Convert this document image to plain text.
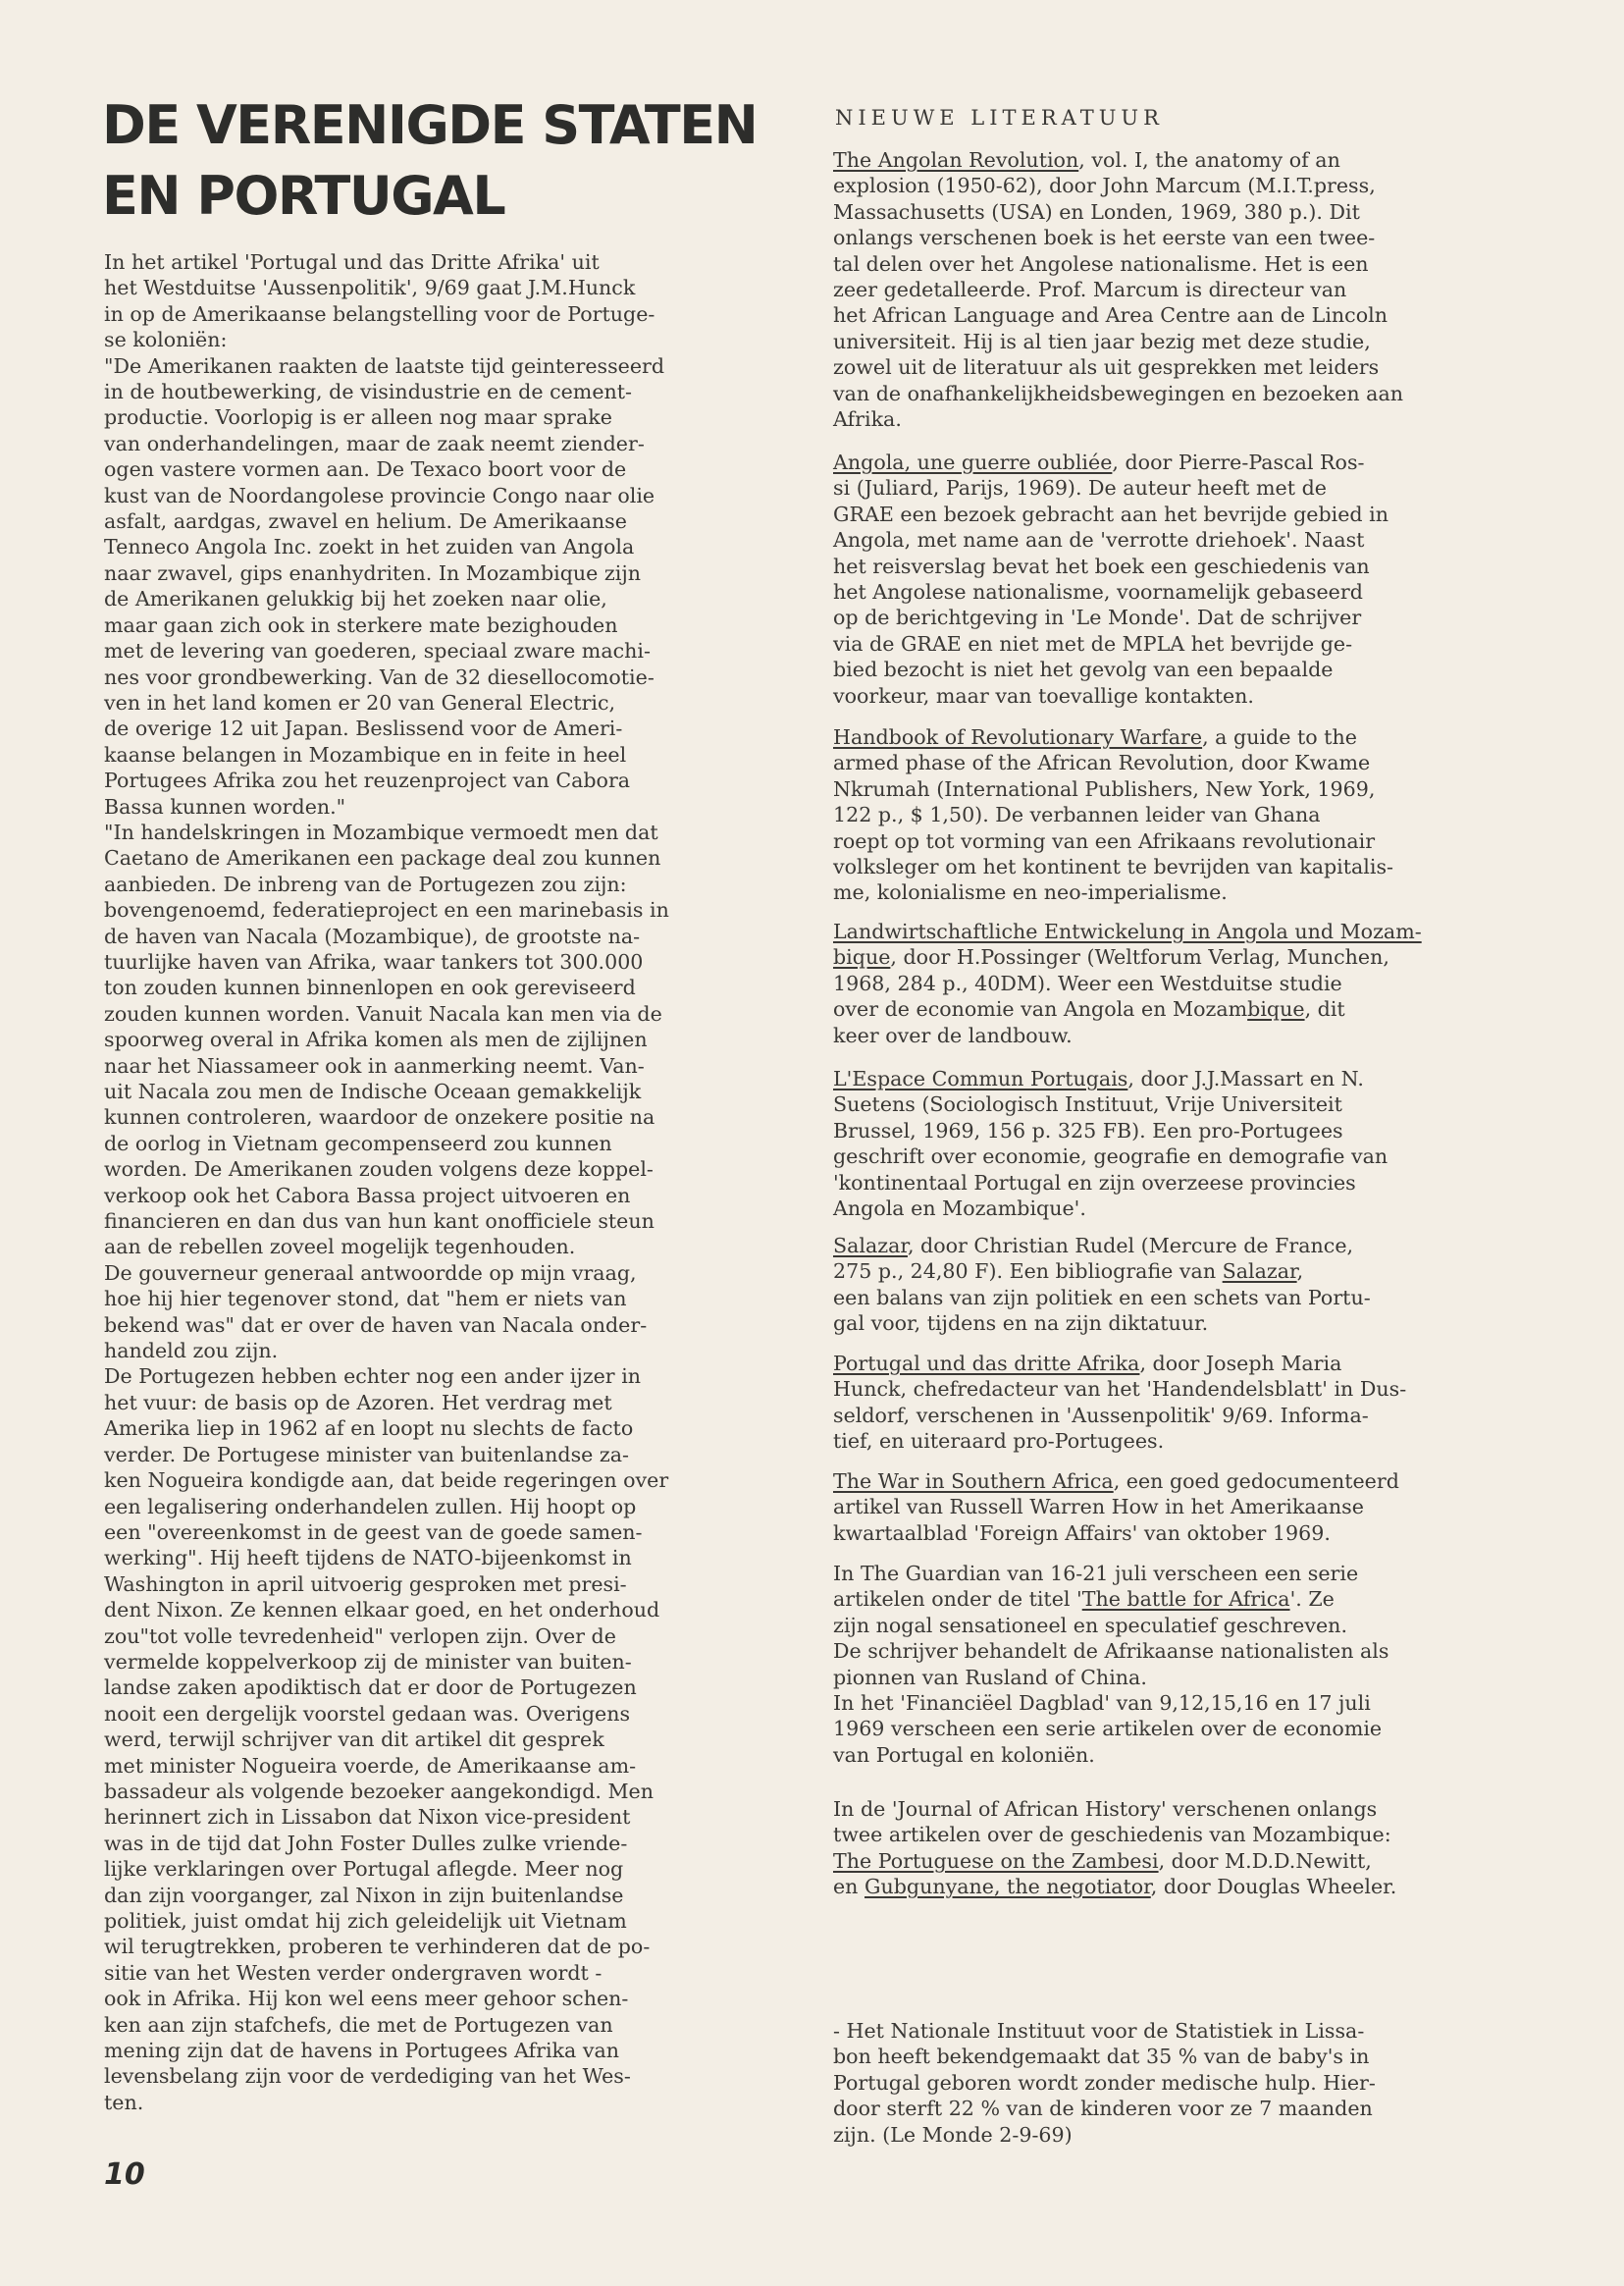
DE VERENIGDE STATEN
EN PORTUGAL
In het artikel 'Portugal und das Dritte Afrika' uit
het Westduitse 'Aussenpolitik', 9/69 gaat J.M.Hunck
in op de Amerikaanse belangstelling voor de Portuge-
se koloniën:
"De Amerikanen raakten de laatste tijd geinteresseerd
in de houtbewerking, de visindustrie en de cement-
productie. Voorlopig is er alleen nog maar sprake
van onderhandelingen, maar de zaak neemt ziender-
ogen vastere vormen aan. De Texaco boort voor de
kust van de Noordangolese provincie Congo naar olie
asfalt, aardgas, zwavel en helium. De Amerikaanse
Tenneco Angola Inc. zoekt in het zuiden van Angola
naar zwavel, gips enanhydriten. In Mozambique zijn
de Amerikanen gelukkig bij het zoeken naar olie,
maar gaan zich ook in sterkere mate bezighouden
met de levering van goederen, speciaal zware machi-
nes voor grondbewerking. Van de 32 diesellocomotie-
ven in het land komen er 20 van General Electric,
de overige 12 uit Japan. Beslissend voor de Ameri-
kaanse belangen in Mozambique en in feite in heel
Portugees Afrika zou het reuzenproject van Cabora
Bassa kunnen worden."
"In handelskringen in Mozambique vermoedt men dat
Caetano de Amerikanen een package deal zou kunnen
aanbieden. De inbreng van de Portugezen zou zijn:
bovengenoemd, federatieproject en een marinebasis in
de haven van Nacala (Mozambique), de grootste na-
tuurlijke haven van Afrika, waar tankers tot 300.000
ton zouden kunnen binnenlopen en ook gereviseerd
zouden kunnen worden. Vanuit Nacala kan men via de
spoorweg overal in Afrika komen als men de zijlijnen
naar het Niassameer ook in aanmerking neemt. Van-
uit Nacala zou men de Indische Oceaan gemakkelijk
kunnen controleren, waardoor de onzekere positie na
de oorlog in Vietnam gecompenseerd zou kunnen
worden. De Amerikanen zouden volgens deze koppel-
verkoop ook het Cabora Bassa project uitvoeren en
financieren en dan dus van hun kant onofficiele steun
aan de rebellen zoveel mogelijk tegenhouden.
De gouverneur generaal antwoordde op mijn vraag,
hoe hij hier tegenover stond, dat "hem er niets van
bekend was" dat er over de haven van Nacala onder-
handeld zou zijn.
De Portugezen hebben echter nog een ander ijzer in
het vuur: de basis op de Azoren. Het verdrag met
Amerika liep in 1962 af en loopt nu slechts de facto
verder. De Portugese minister van buitenlandse za-
ken Nogueira kondigde aan, dat beide regeringen over
een legalisering onderhandelen zullen. Hij hoopt op
een "overeenkomst in de geest van de goede samen-
werking". Hij heeft tijdens de NATO-bijeenkomst in
Washington in april uitvoerig gesproken met presi-
dent Nixon. Ze kennen elkaar goed, en het onderhoud
zou"tot volle tevredenheid" verlopen zijn. Over de
vermelde koppelverkoop zij de minister van buiten-
landse zaken apodiktisch dat er door de Portugezen
nooit een dergelijk voorstel gedaan was. Overigens
werd, terwijl schrijver van dit artikel dit gesprek
met minister Nogueira voerde, de Amerikaanse am-
bassadeur als volgende bezoeker aangekondigd. Men
herinnert zich in Lissabon dat Nixon vice-president
was in de tijd dat John Foster Dulles zulke vriende-
lijke verklaringen over Portugal aflegde. Meer nog
dan zijn voorganger, zal Nixon in zijn buitenlandse
politiek, juist omdat hij zich geleidelijk uit Vietnam
wil terugtrekken, proberen te verhinderen dat de po-
sitie van het Westen verder ondergraven wordt -
ook in Afrika. Hij kon wel eens meer gehoor schen-
ken aan zijn stafchefs, die met de Portugezen van
mening zijn dat de havens in Portugees Afrika van
levensbelang zijn voor de verdediging van het Wes-
ten.
10
NIEUWE LITERATUUR
The Angolan Revolution, vol. I, the anatomy of an
explosion (1950-62), door John Marcum (M.I.T.press,
Massachusetts (USA) en Londen, 1969, 380 p.). Dit
onlangs verschenen boek is het eerste van een twee-
tal delen over het Angolese nationalisme. Het is een
zeer gedetalleerde. Prof. Marcum is directeur van
het African Language and Area Centre aan de Lincoln
universiteit. Hij is al tien jaar bezig met deze studie,
zowel uit de literatuur als uit gesprekken met leiders
van de onafhankelijkheidsbewegingen en bezoeken aan
Afrika.
Angola, une guerre oubliée, door Pierre-Pascal Ros-
si (Juliard, Parijs, 1969). De auteur heeft met de
GRAE een bezoek gebracht aan het bevrijde gebied in
Angola, met name aan de 'verrotte driehoek'. Naast
het reisverslag bevat het boek een geschiedenis van
het Angolese nationalisme, voornamelijk gebaseerd
op de berichtgeving in 'Le Monde'. Dat de schrijver
via de GRAE en niet met de MPLA het bevrijde ge-
bied bezocht is niet het gevolg van een bepaalde
voorkeur, maar van toevallige kontakten.
Handbook of Revolutionary Warfare, a guide to the
armed phase of the African Revolution, door Kwame
Nkrumah (International Publishers, New York, 1969,
122 p., $ 1,50). De verbannen leider van Ghana
roept op tot vorming van een Afrikaans revolutionair
volksleger om het kontinent te bevrijden van kapitalis-
me, kolonialisme en neo-imperialisme.
Landwirtschaftliche Entwickelung in Angola und Mozam-
bique, door H.Possinger (Weltforum Verlag, Munchen,
1968, 284 p., 40DM). Weer een Westduitse studie
over de economie van Angola en Mozambique, dit
keer over de landbouw.
L'Espace Commun Portugais, door J.J.Massart en N.
Suetens (Sociologisch Instituut, Vrije Universiteit
Brussel, 1969, 156 p. 325 FB). Een pro-Portugees
geschrift over economie, geografie en demografie van
'kontinentaal Portugal en zijn overzeese provincies
Angola en Mozambique'.
Salazar, door Christian Rudel (Mercure de France,
275 p., 24,80 F). Een bibliografie van Salazar,
een balans van zijn politiek en een schets van Portu-
gal voor, tijdens en na zijn diktatuur.
Portugal und das dritte Afrika, door Joseph Maria
Hunck, chefredacteur van het 'Handendelsblatt' in Dus-
seldorf, verschenen in 'Aussenpolitik' 9/69. Informa-
tief, en uiteraard pro-Portugees.
The War in Southern Africa, een goed gedocumenteerd
artikel van Russell Warren How in het Amerikaanse
kwartaalblad 'Foreign Affairs' van oktober 1969.
In The Guardian van 16-21 juli verscheen een serie
artikelen onder de titel 'The battle for Africa'. Ze
zijn nogal sensationeel en speculatief geschreven.
De schrijver behandelt de Afrikaanse nationalisten als
pionnen van Rusland of China.
In het 'Financiëel Dagblad' van 9,12,15,16 en 17 juli
1969 verscheen een serie artikelen over de economie
van Portugal en koloniën.
In de 'Journal of African History' verschenen onlangs
twee artikelen over de geschiedenis van Mozambique:
The Portuguese on the Zambesi, door M.D.D.Newitt,
en Gubgunyane, the negotiator, door Douglas Wheeler.
- Het Nationale Instituut voor de Statistiek in Lissa-
bon heeft bekendgemaakt dat 35 % van de baby's in
Portugal geboren wordt zonder medische hulp. Hier-
door sterft 22 % van de kinderen voor ze 7 maanden
zijn. (Le Monde 2-9-69)
